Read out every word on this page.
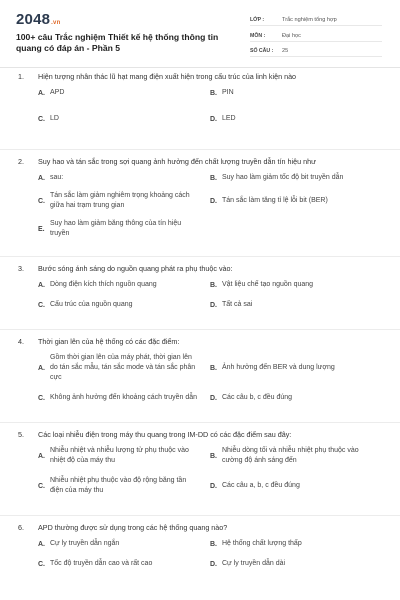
2048.vn
100+ câu Trắc nghiệm Thiết kế hệ thống thông tin quang có đáp án - Phần 5
LỚP :	Trắc nghiệm tổng hợp
MÔN :	Đại học
SỐ CÂU :	25
1.	Hiện tượng nhân thác lũ hạt mang điện xuất hiện trong cấu trúc của linh kiện nào
A. APD	B. PIN
C. LD	D. LED
2.	Suy hao và tán sắc trong sợi quang ảnh hưởng đến chất lượng truyền dẫn tín hiệu như
A. sau:	B. Suy hao làm giảm tốc độ bit truyền dẫn
C.
Tán sắc làm giảm nghiêm trọng khoảng cách giữa hai trạm trung gian
D. Tán sắc làm tăng tỉ lệ lỗi bit (BER)
E.
Suy hao làm giảm băng thông của tín hiệu truyền
3.	Bước sóng ánh sáng do nguồn quang phát ra phụ thuộc vào:
A. Dòng điện kích thích nguồn quang	B. Vật liệu chế tạo nguồn quang
C. Cấu trúc của nguồn quang	D. Tất cả sai
4.	Thời gian lên của hệ thống có các đặc điểm:
A.
Gồm thời gian lên của máy phát, thời gian lên do tán sắc mẫu, tán sắc mode và tán sắc phân cực
B. Ảnh hưởng đến BER và dung lượng
C. Không ảnh hưởng đến khoảng cách truyền dẫn D. Các câu b, c đều đúng
5.	Các loại nhiễu điện trong máy thu quang trong IM-DD có các đặc điểm sau đây:
A.
Nhiễu nhiệt và nhiễu lượng tử phụ thuộc vào nhiệt độ của máy thu
B.
Nhiễu dòng tối và nhiễu nhiệt phụ thuộc vào cường độ ánh sáng đến
C.
Nhiễu nhiệt phụ thuộc vào độ rộng băng tần điện của máy thu
D. Các câu a, b, c đều đúng
6.	APD thường được sử dụng trong các hệ thống quang nào?
A. Cự ly truyền dẫn ngắn	B. Hệ thống chất lượng thấp
C. Tốc độ truyền dẫn cao và rất cao	D. Cự ly truyền dẫn dài
